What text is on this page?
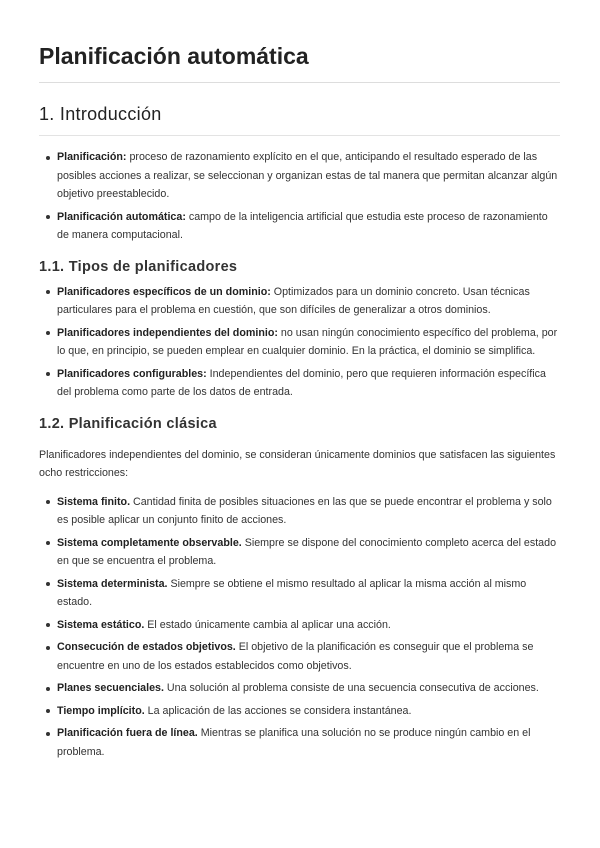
Planificación automática
1. Introducción
Planificación: proceso de razonamiento explícito en el que, anticipando el resultado esperado de las posibles acciones a realizar, se seleccionan y organizan estas de tal manera que permitan alcanzar algún objetivo preestablecido.
Planificación automática: campo de la inteligencia artificial que estudia este proceso de razonamiento de manera computacional.
1.1. Tipos de planificadores
Planificadores específicos de un dominio: Optimizados para un dominio concreto. Usan técnicas particulares para el problema en cuestión, que son difíciles de generalizar a otros dominios.
Planificadores independientes del dominio: no usan ningún conocimiento específico del problema, por lo que, en principio, se pueden emplear en cualquier dominio. En la práctica, el dominio se simplifica.
Planificadores configurables: Independientes del dominio, pero que requieren información específica del problema como parte de los datos de entrada.
1.2. Planificación clásica

Planificadores independientes del dominio, se consideran únicamente dominios que satisfacen las siguientes ocho restricciones:

Sistema finito. Cantidad finita de posibles situaciones en las que se puede encontrar el problema y solo es posible aplicar un conjunto finito de acciones.
Sistema completamente observable. Siempre se dispone del conocimiento completo acerca del estado en que se encuentra el problema.
Sistema determinista. Siempre se obtiene el mismo resultado al aplicar la misma acción al mismo estado.
Sistema estático. El estado únicamente cambia al aplicar una acción.
Consecución de estados objetivos. El objetivo de la planificación es conseguir que el problema se encuentre en uno de los estados establecidos como objetivos.
Planes secuenciales. Una solución al problema consiste de una secuencia consecutiva de acciones.
Tiempo implícito. La aplicación de las acciones se considera instantánea.
Planificación fuera de línea. Mientras se planifica una solución no se produce ningún cambio en el problema.
